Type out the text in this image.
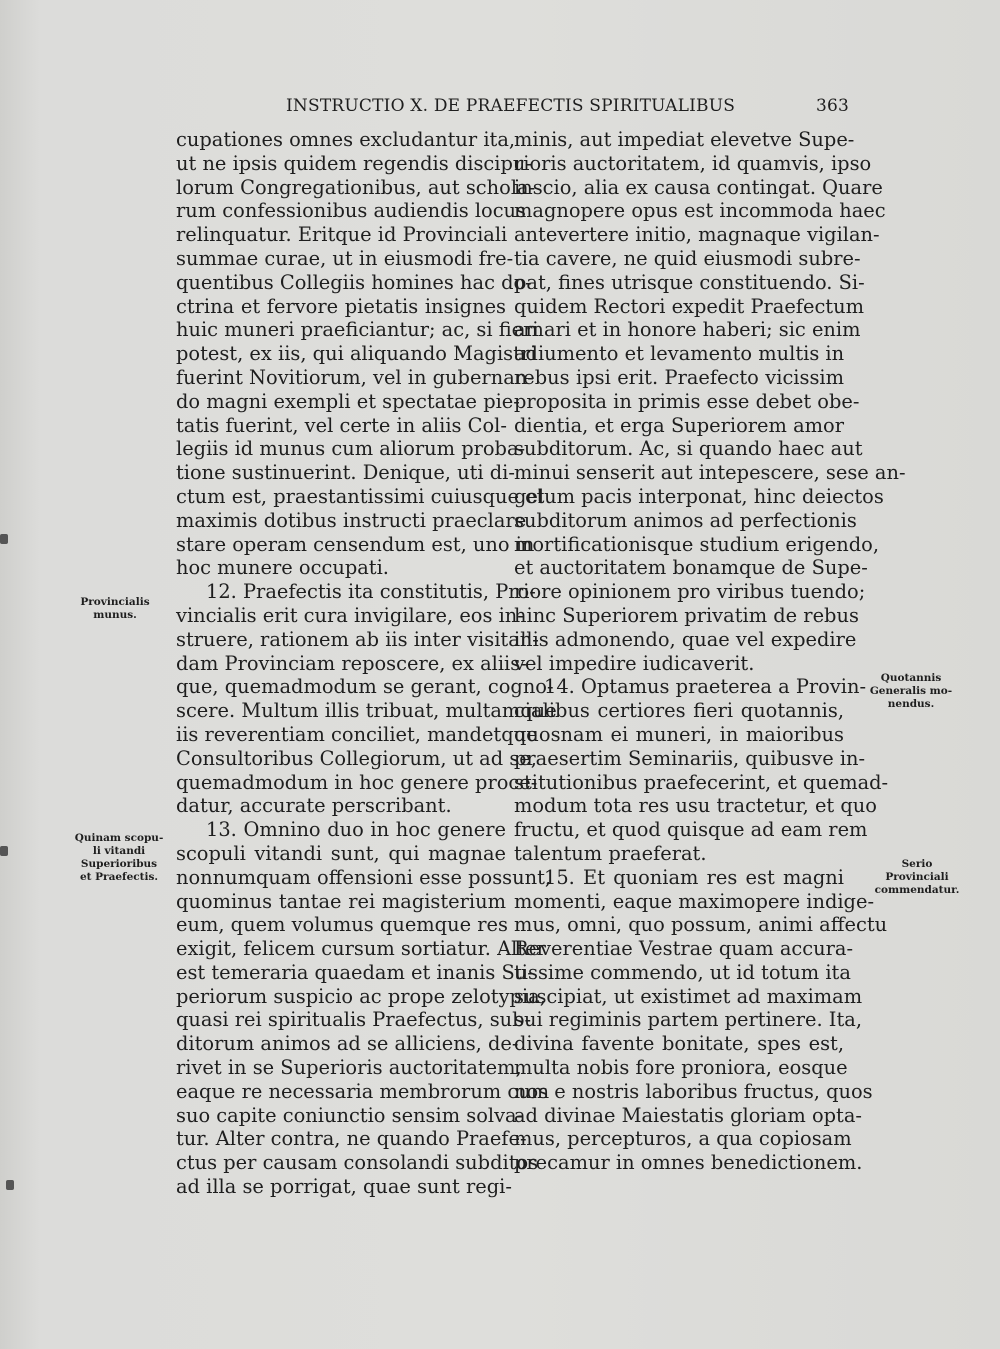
INSTRUCTIO X. DE PRAEFECTIS SPIRITUALIBUS	363
cupationes omnes excludantur ita,
ut ne ipsis quidem regendis discipu-
lorum Congregationibus, aut schola-
rum confessionibus audiendis locus
relinquatur. Eritque id Provinciali
summae curae, ut in eiusmodi fre-
quentibus Collegiis homines hac do-
ctrina et fervore pietatis insignes
huic muneri praeficiantur; ac, si fieri
potest, ex iis, qui aliquando Magistri
fuerint Novitiorum, vel in gubernan-
do magni exempli et spectatae pie-
tatis fuerint, vel certe in aliis Col-
legiis id munus cum aliorum proba-
tione sustinuerint. Denique, uti di-
ctum est, praestantissimi cuiusque et
maximis dotibus instructi praeclare
stare operam censendum est, uno in
hoc munere occupati.
12. Praefectis ita constitutis, Pro-
vincialis erit cura invigilare, eos in-
struere, rationem ab iis inter visitan-
dam Provinciam reposcere, ex aliis-
que, quemadmodum se gerant, cogno-
scere. Multum illis tribuat, multamque
iis reverentiam conciliet, mandetque
Consultoribus Collegiorum, ut ad se,
quemadmodum in hoc genere proce-
datur, accurate perscribant.
13. Omnino duo in hoc genere
scopuli vitandi sunt, qui magnae
nonnumquam offensioni esse possunt,
quominus tantae rei magisterium
eum, quem volumus quemque res
exigit, felicem cursum sortiatur. Alter
est temeraria quaedam et inanis Su-
periorum suspicio ac prope zelotypia,
quasi rei spiritualis Praefectus, sub-
ditorum animos ad se alliciens, de-
rivet in se Superioris auctoritatem,
eaque re necessaria membrorum cum
suo capite coniunctio sensim solva-
tur. Alter contra, ne quando Praefe-
ctus per causam consolandi subditos
ad illa se porrigat, quae sunt regi-
minis, aut impediat elevetve Supe-
rioris auctoritatem, id quamvis, ipso
inscio, alia ex causa contingat. Quare
magnopere opus est incommoda haec
antevertere initio, magnaque vigilan-
tia cavere, ne quid eiusmodi subre-
pat, fines utrisque constituendo. Si-
quidem Rectori expedit Praefectum
amari et in honore haberi; sic enim
adiumento et levamento multis in
rebus ipsi erit. Praefecto vicissim
proposita in primis esse debet obe-
dientia, et erga Superiorem amor
subditorum. Ac, si quando haec aut
minui senserit aut intepescere, sese an-
gelum pacis interponat, hinc deiectos
subditorum animos ad perfectionis
mortificationisque studium erigendo,
et auctoritatem bonamque de Supe-
riore opinionem pro viribus tuendo;
hinc Superiorem privatim de rebus
illis admonendo, quae vel expedire
vel impedire iudicaverit.
14. Optamus praeterea a Provin-
cialibus certiores fieri quotannis,
quosnam ei muneri, in maioribus
praesertim Seminariis, quibusve in-
stitutionibus praefecerint, et quemad-
modum tota res usu tractetur, et quo
fructu, et quod quisque ad eam rem
talentum praeferat.
15. Et quoniam res est magni
momenti, eaque maximopere indige-
mus, omni, quo possum, animi affectu
Reverentiae Vestrae quam accura-
tissime commendo, ut id totum ita
suscipiat, ut existimet ad maximam
sui regiminis partem pertinere. Ita,
divina favente bonitate, spes est,
multa nobis fore proniora, eosque
nos e nostris laboribus fructus, quos
ad divinae Maiestatis gloriam opta-
mus, percepturos, a qua copiosam
precamur in omnes benedictionem.
Provincialis
munus.
Quinam scopu-
li vitandi
Superioribus
et Praefectis.
Quotannis
Generalis mo-
nendus.
Serio
Provinciali
commendatur.
